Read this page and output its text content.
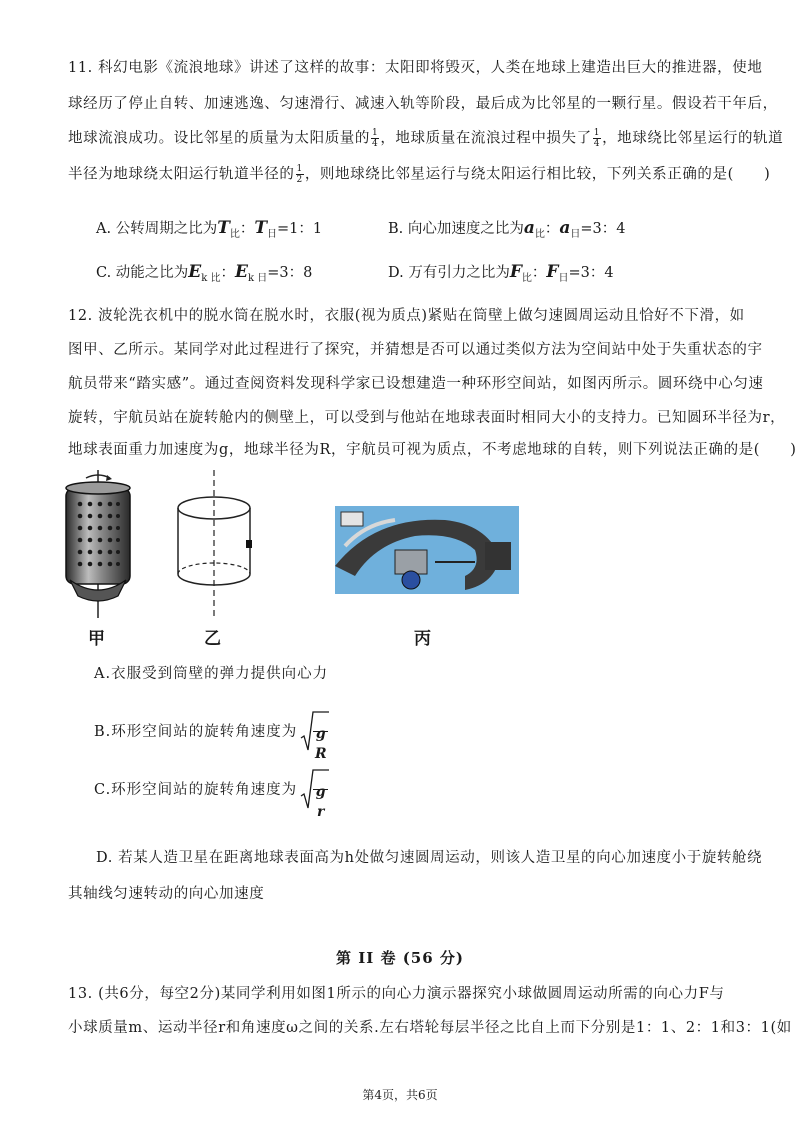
11. 科幻电影《流浪地球》讲述了这样的故事：太阳即将毁灭，人类在地球上建造出巨大的推进器，使地
球经历了停止自转、加速逃逸、匀速滑行、减速入轨等阶段，最后成为比邻星的一颗行星。假设若干年后，
地球流浪成功。设比邻星的质量为太阳质量的 $\frac{1}{4}$ ，地球质量在流浪过程中损失了 $\frac{1}{4}$ ，地球绕比邻星运行的轨道
半径为地球绕太阳运行轨道半径的 $\frac{1}{2}$ ，则地球绕比邻星运行与绕太阳运行相比较，下列关系正确的是(　　)
A. 公转周期之比为$T_比$：$T_日=1$：1	B. 向心加速度之比为$a_比$：$a_日=3$：4
C. 动能之比为$E_{k 比}$：$E_{k 日}=3$：8	D. 万有引力之比为$F_比$：$F_日=3$：4
12. 波轮洗衣机中的脱水筒在脱水时，衣服(视为质点)紧贴在筒壁上做匀速圆周运动且恰好不下滑，如
图甲、乙所示。某同学对此过程进行了探究，并猜想是否可以通过类似方法为空间站中处于失重状态的宇
航员带来“踏实感”。通过查阅资料发现科学家已设想建造一种环形空间站，如图丙所示。圆环绕中心匀速
旋转，宇航员站在旋转舱内的侧壁上，可以受到与他站在地球表面时相同大小的支持力。已知圆环半径为r，
地球表面重力加速度为g，地球半径为R，宇航员可视为质点，不考虑地球的自转，则下列说法正确的是(　　)
甲	乙	丙
A.衣服受到筒壁的弹力提供向心力
B.环形空间站的旋转角速度为 g
R
C.环形空间站的旋转角速度为 g
r
D. 若某人造卫星在距离地球表面高为h处做匀速圆周运动，则该人造卫星的向心加速度小于旋转舱绕
其轴线匀速转动的向心加速度
第 II 卷 (56 分)
13. (共6分，每空2分)某同学利用如图1所示的向心力演示器探究小球做圆周运动所需的向心力F与
小球质量m、运动半径r和角速度ω之间的关系.左右塔轮每层半径之比自上而下分别是1：1、2：1和3：1(如
第4页，共6页
